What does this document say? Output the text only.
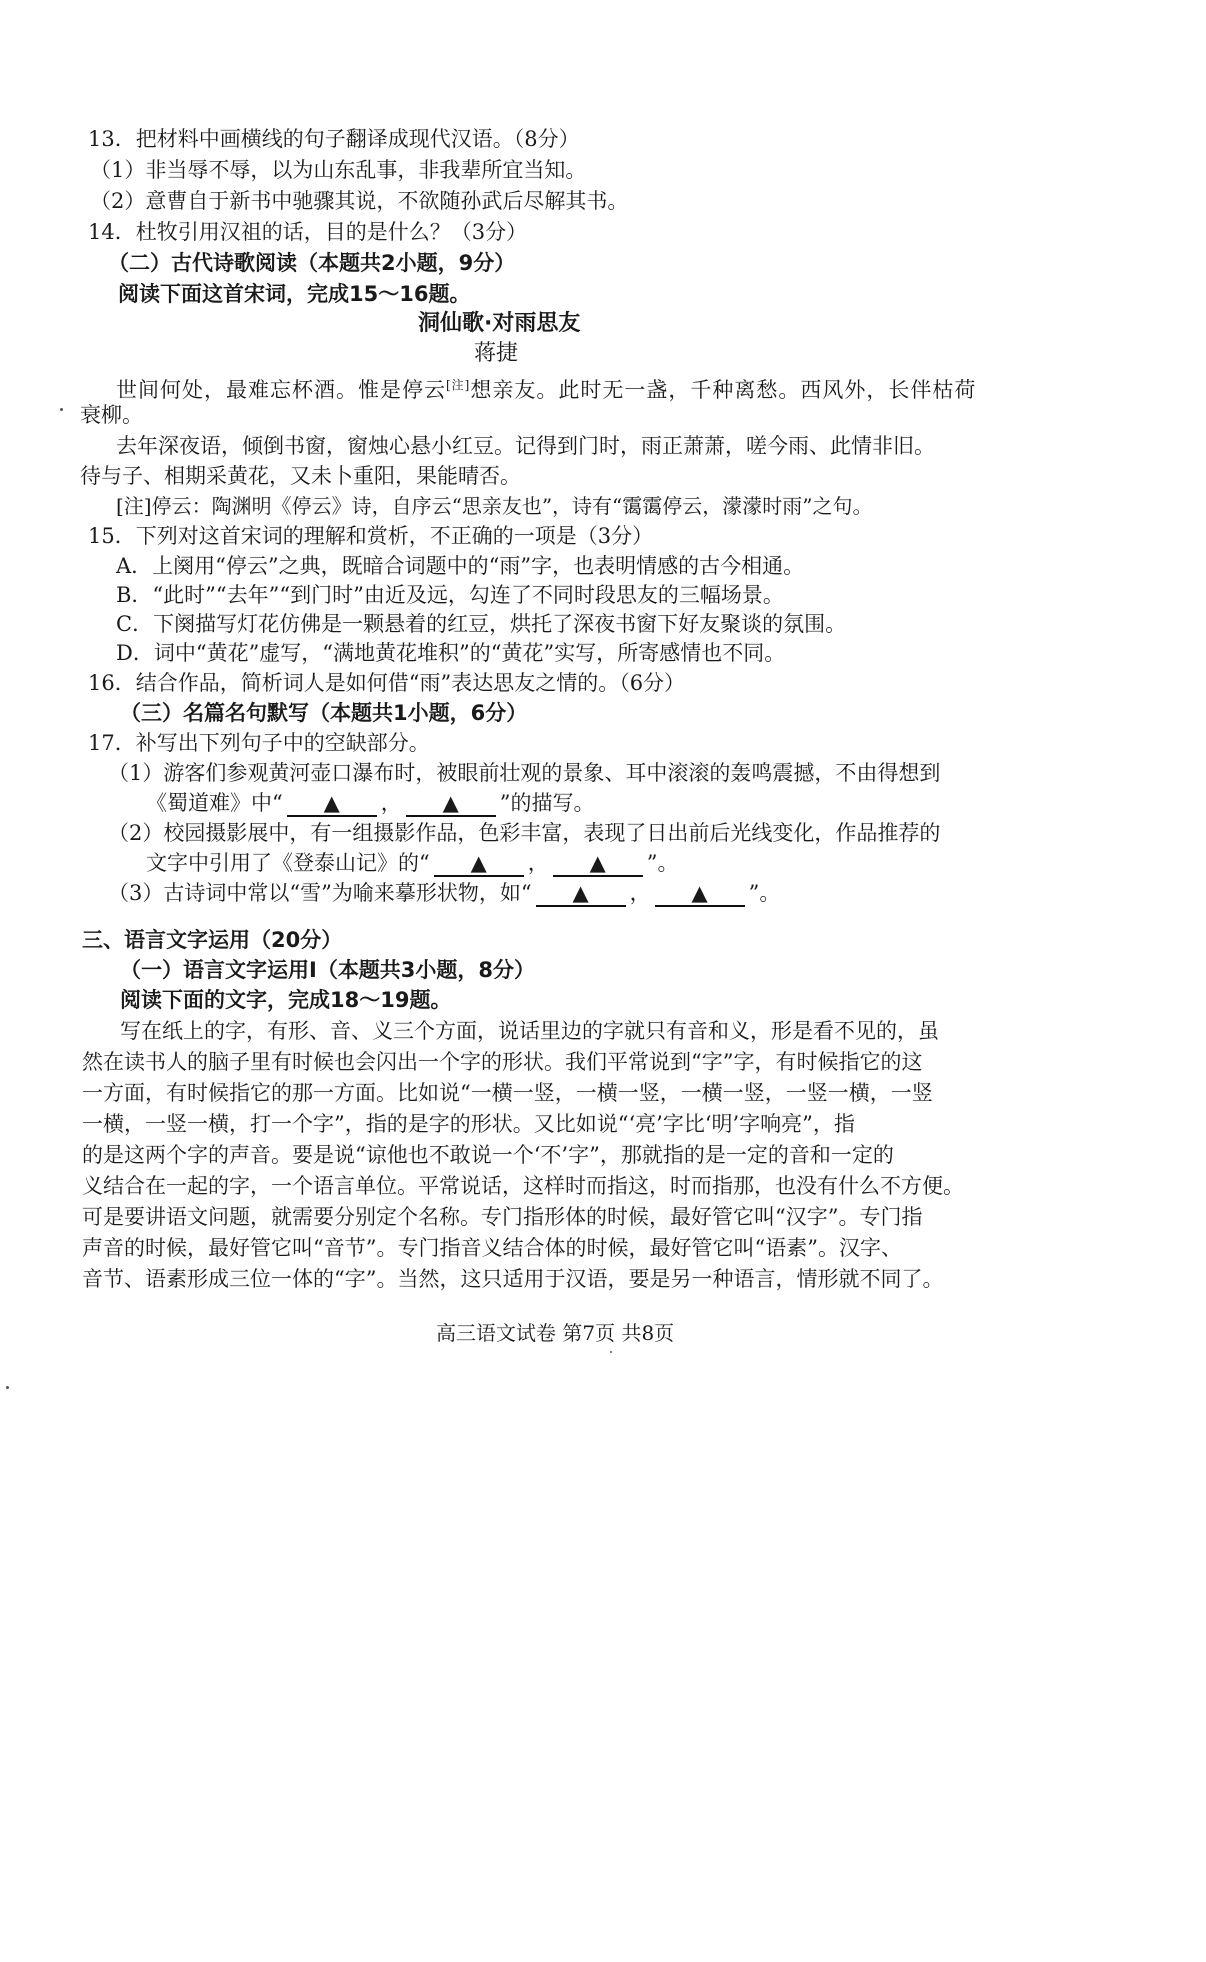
13．把材料中画横线的句子翻译成现代汉语。（8分）
（1）非当辱不辱，以为山东乱事，非我辈所宜当知。
（2）意曹自于新书中驰骤其说，不欲随孙武后尽解其书。
14．杜牧引用汉祖的话，目的是什么？（3分）
（二）古代诗歌阅读（本题共2小题，9分）
阅读下面这首宋词，完成15～16题。
洞仙歌·对雨思友
蒋捷
世间何处，最难忘杯酒。惟是停云[注]想亲友。此时无一盏，千种离愁。西风外，长伴枯荷
衰柳。
去年深夜语，倾倒书窗，窗烛心悬小红豆。记得到门时，雨正萧萧，嗟今雨、此情非旧。
待与子、相期采黄花，又未卜重阳，果能晴否。
[注]停云：陶渊明《停云》诗，自序云“思亲友也”，诗有“霭霭停云，濛濛时雨”之句。
15．下列对这首宋词的理解和赏析，不正确的一项是（3分）
A．上阕用“停云”之典，既暗合词题中的“雨”字，也表明情感的古今相通。
B．“此时”“去年”“到门时”由近及远，勾连了不同时段思友的三幅场景。
C．下阕描写灯花仿佛是一颗悬着的红豆，烘托了深夜书窗下好友聚谈的氛围。
D．词中“黄花”虚写，“满地黄花堆积”的“黄花”实写，所寄感情也不同。
16．结合作品，简析词人是如何借“雨”表达思友之情的。（6分）
（三）名篇名句默写（本题共1小题，6分）
17．补写出下列句子中的空缺部分。
（1）游客们参观黄河壶口瀑布时，被眼前壮观的景象、耳中滚滚的轰鸣震撼，不由得想到
《蜀道难》中“ ▲ ， ▲ ”的描写。
（2）校园摄影展中，有一组摄影作品，色彩丰富，表现了日出前后光线变化，作品推荐的
文字中引用了《登泰山记》的“ ▲ ， ▲ ”。
（3）古诗词中常以“雪”为喻来摹形状物，如“ ▲ ， ▲ ”。
三、语言文字运用（20分）
（一）语言文字运用Ⅰ（本题共3小题，8分）
阅读下面的文字，完成18～19题。
写在纸上的字，有形、音、义三个方面，说话里边的字就只有音和义，形是看不见的，虽
然在读书人的脑子里有时候也会闪出一个字的形状。我们平常说到“字”字，有时候指它的这
一方面，有时候指它的那一方面。比如说“一横一竖，一横一竖，一横一竖，一竖一横，一竖
一横，一竖一横，打一个字”，指的是字的形状。又比如说“‘亮’字比‘明’字响亮”，指
的是这两个字的声音。要是说“谅他也不敢说一个‘不’字”，那就指的是一定的音和一定的
义结合在一起的字，一个语言单位。平常说话，这样时而指这，时而指那，也没有什么不方便。
可是要讲语文问题，就需要分别定个名称。专门指形体的时候，最好管它叫“汉字”。专门指
声音的时候，最好管它叫“音节”。专门指音义结合体的时候，最好管它叫“语素”。汉字、
音节、语素形成三位一体的“字”。当然，这只适用于汉语，要是另一种语言，情形就不同了。
高三语文试卷 第7页 共8页
